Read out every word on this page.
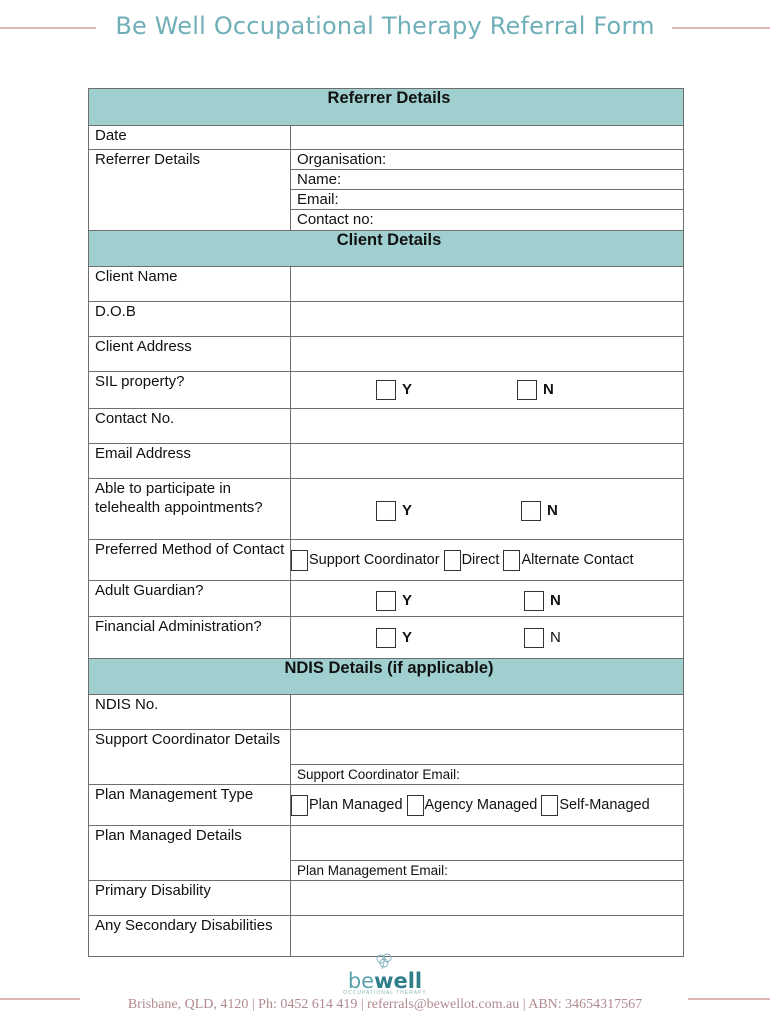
Be Well Occupational Therapy Referral Form
Referrer Details	
Date	
Referrer Details	Organisation:
	Name:
	Email:
	Contact no:
Client Details	
Client Name	
D.O.B	
Client Address	
SIL property?	Y N

Contact No.	
Email Address	
Able to participate in telehealth appointments?	Y N

Preferred Method of Contact	Support Coordinator Direct Alternate Contact

Adult Guardian?	Y N

Financial Administration?	Y N

NDIS Details (if applicable)	
NDIS No.	
Support Coordinator Details	
	Support Coordinator Email:
Plan Management Type	Plan Managed Agency Managed Self-Managed

Plan Managed Details	
	Plan Management Email:
Primary Disability	
Any Secondary Disabilities	
bewell
OCCUPATIONAL THERAPY
Brisbane, QLD, 4120 | Ph: 0452 614 419 | referrals@bewellot.com.au | ABN: 34654317567
